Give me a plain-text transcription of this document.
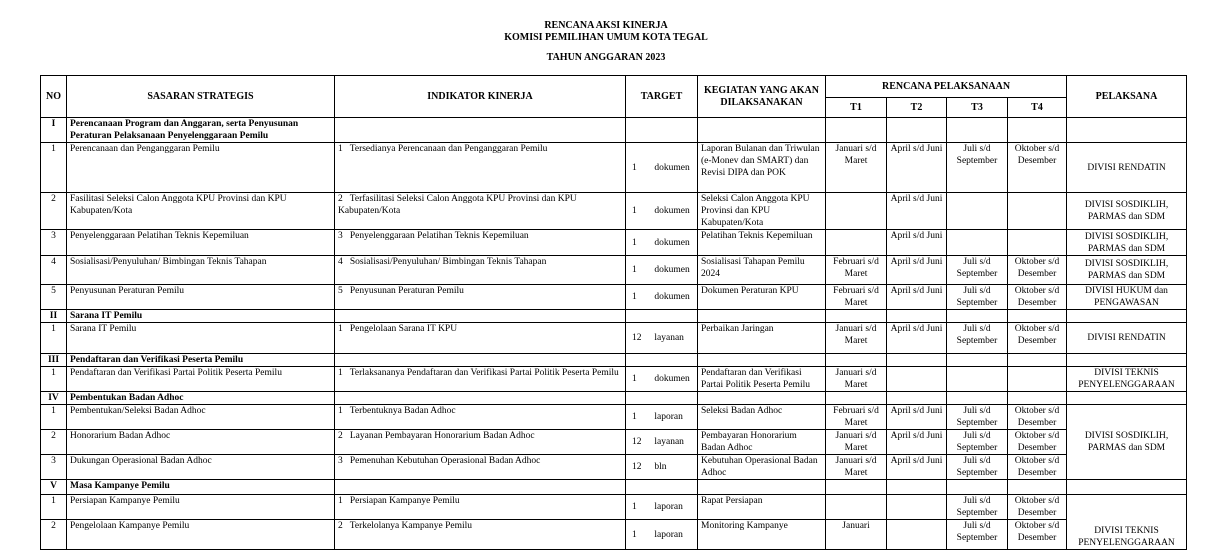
RENCANA AKSI KINERJA
KOMISI PEMILIHAN UMUM KOTA TEGAL
TAHUN ANGGARAN 2023
NO	SASARAN STRATEGIS	INDIKATOR KINERJA	TARGET	KEGIATAN YANG AKAN DILAKSANAKAN	RENCANA PELAKSANAAN				PELAKSANA
					T1	T2	T3	T4	
I	Perencanaan Program dan Anggaran, serta Penyusunan Peraturan Pelaksanaan Penyelenggaraan Pemilu								
1	Perencanaan dan Penganggaran Pemilu	1 Tersedianya Perencanaan dan Penganggaran Pemilu	1 dokumen	Laporan Bulanan dan Triwulan (e-Monev dan SMART) dan Revisi DIPA dan POK	Januari s/d Maret	April s/d Juni	Juli s/d September	Oktober s/d Desember	DIVISI RENDATIN
2	Fasilitasi Seleksi Calon Anggota KPU Provinsi dan KPU Kabupaten/Kota	2 Terfasilitasi Seleksi Calon Anggota KPU Provinsi dan KPU Kabupaten/Kota	1 dokumen	Seleksi Calon Anggota KPU Provinsi dan KPU Kabupaten/Kota		April s/d Juni			DIVISI SOSDIKLIH, PARMAS dan SDM
3	Penyelenggaraan Pelatihan Teknis Kepemiluan	3 Penyelenggaraan Pelatihan Teknis Kepemiluan	1 dokumen	Pelatihan Teknis Kepemiluan		April s/d Juni			DIVISI SOSDIKLIH, PARMAS dan SDM
4	Sosialisasi/Penyuluhan/ Bimbingan Teknis Tahapan	4 Sosialisasi/Penyuluhan/ Bimbingan Teknis Tahapan	1 dokumen	Sosialisasi Tahapan Pemilu 2024	Februari s/d Maret	April s/d Juni	Juli s/d September	Oktober s/d Desember	DIVISI SOSDIKLIH, PARMAS dan SDM
5	Penyusunan Peraturan Pemilu	5 Penyusunan Peraturan Pemilu	1 dokumen	Dokumen Peraturan KPU	Februari s/d Maret	April s/d Juni	Juli s/d September	Oktober s/d Desember	DIVISI HUKUM dan PENGAWASAN
II	Sarana IT Pemilu								
1	Sarana IT Pemilu	1 Pengelolaan Sarana IT KPU	12 layanan	Perbaikan Jaringan	Januari s/d Maret	April s/d Juni	Juli s/d September	Oktober s/d Desember	DIVISI RENDATIN
III	Pendaftaran dan Verifikasi Peserta Pemilu								
1	Pendaftaran dan Verifikasi Partai Politik Peserta Pemilu	1 Terlaksananya Pendaftaran dan Verifikasi Partai Politik Peserta Pemilu	1 dokumen	Pendaftaran dan Verifikasi Partai Politik Peserta Pemilu	Januari s/d Maret				DIVISI TEKNIS PENYELENGGARAAN
IV	Pembentukan Badan Adhoc								
1	Pembentukan/Seleksi Badan Adhoc	1 Terbentuknya Badan Adhoc	1 laporan	Seleksi Badan Adhoc	Februari s/d Maret	April s/d Juni	Juli s/d September	Oktober s/d Desember	DIVISI SOSDIKLIH, PARMAS dan SDM
2	Honorarium Badan Adhoc	2 Layanan Pembayaran Honorarium Badan Adhoc	12 layanan	Pembayaran Honorarium Badan Adhoc	Januari s/d Maret	April s/d Juni	Juli s/d September	Oktober s/d Desember	
3	Dukungan Operasional Badan Adhoc	3 Pemenuhan Kebutuhan Operasional Badan Adhoc	12 bln	Kebutuhan Operasional Badan Adhoc	Januari s/d Maret	April s/d Juni	Juli s/d September	Oktober s/d Desember	
V	Masa Kampanye Pemilu								
1	Persiapan Kampanye Pemilu	1 Persiapan Kampanye Pemilu	1 laporan	Rapat Persiapan			Juli s/d September	Oktober s/d Desember	DIVISI TEKNIS PENYELENGGARAAN
2	Pengelolaan Kampanye Pemilu	2 Terkelolanya Kampanye Pemilu	1 laporan	Monitoring Kampanye	Januari		Juli s/d September	Oktober s/d Desember	
